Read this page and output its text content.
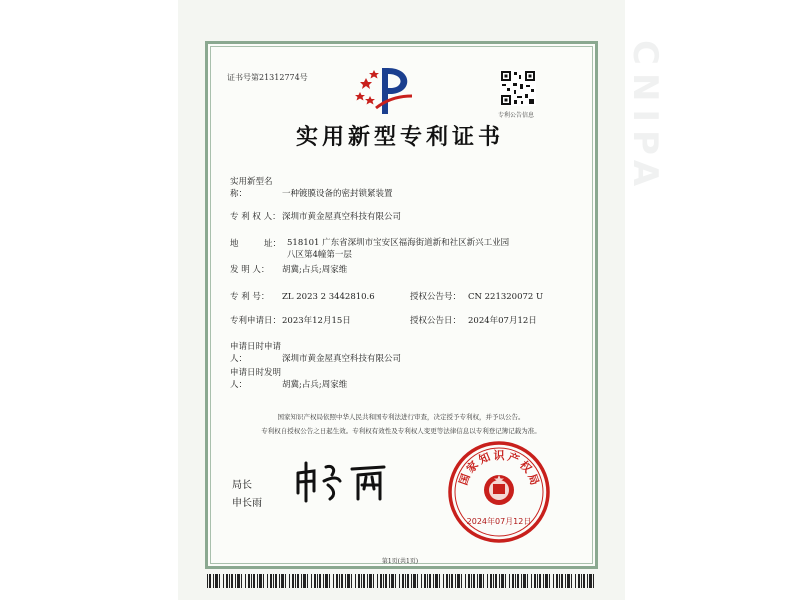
CNIPA
证书号第21312774号
专利公告信息
实用新型专利证书
实用新型名称：	一种镀膜设备的密封锁紧装置
专 利 权 人：深圳市黄金屋真空科技有限公司
地　　　址： 518101 广东省深圳市宝安区福海街道新和社区新兴工业园
八区第4幢第一层
发 明 人： 胡冀;占兵;周家维
专 利 号： ZL 2023 2 3442810.6	授权公告号： CN 221320072 U
专利申请日：2023年12月15日	授权公告日： 2024年07月12日
申请日时申请人：	深圳市黄金屋真空科技有限公司
申请日时发明人：	胡冀;占兵;周家维
国家知识产权局依照中华人民共和国专利法进行审查，决定授予专利权，并予以公告。
专利权自授权公告之日起生效。专利权有效性及专利权人变更等法律信息以专利登记簿记载为准。
局长
申长雨
国
家
知 识 产
权
局
2024年07月12日
第1页(共1页)
